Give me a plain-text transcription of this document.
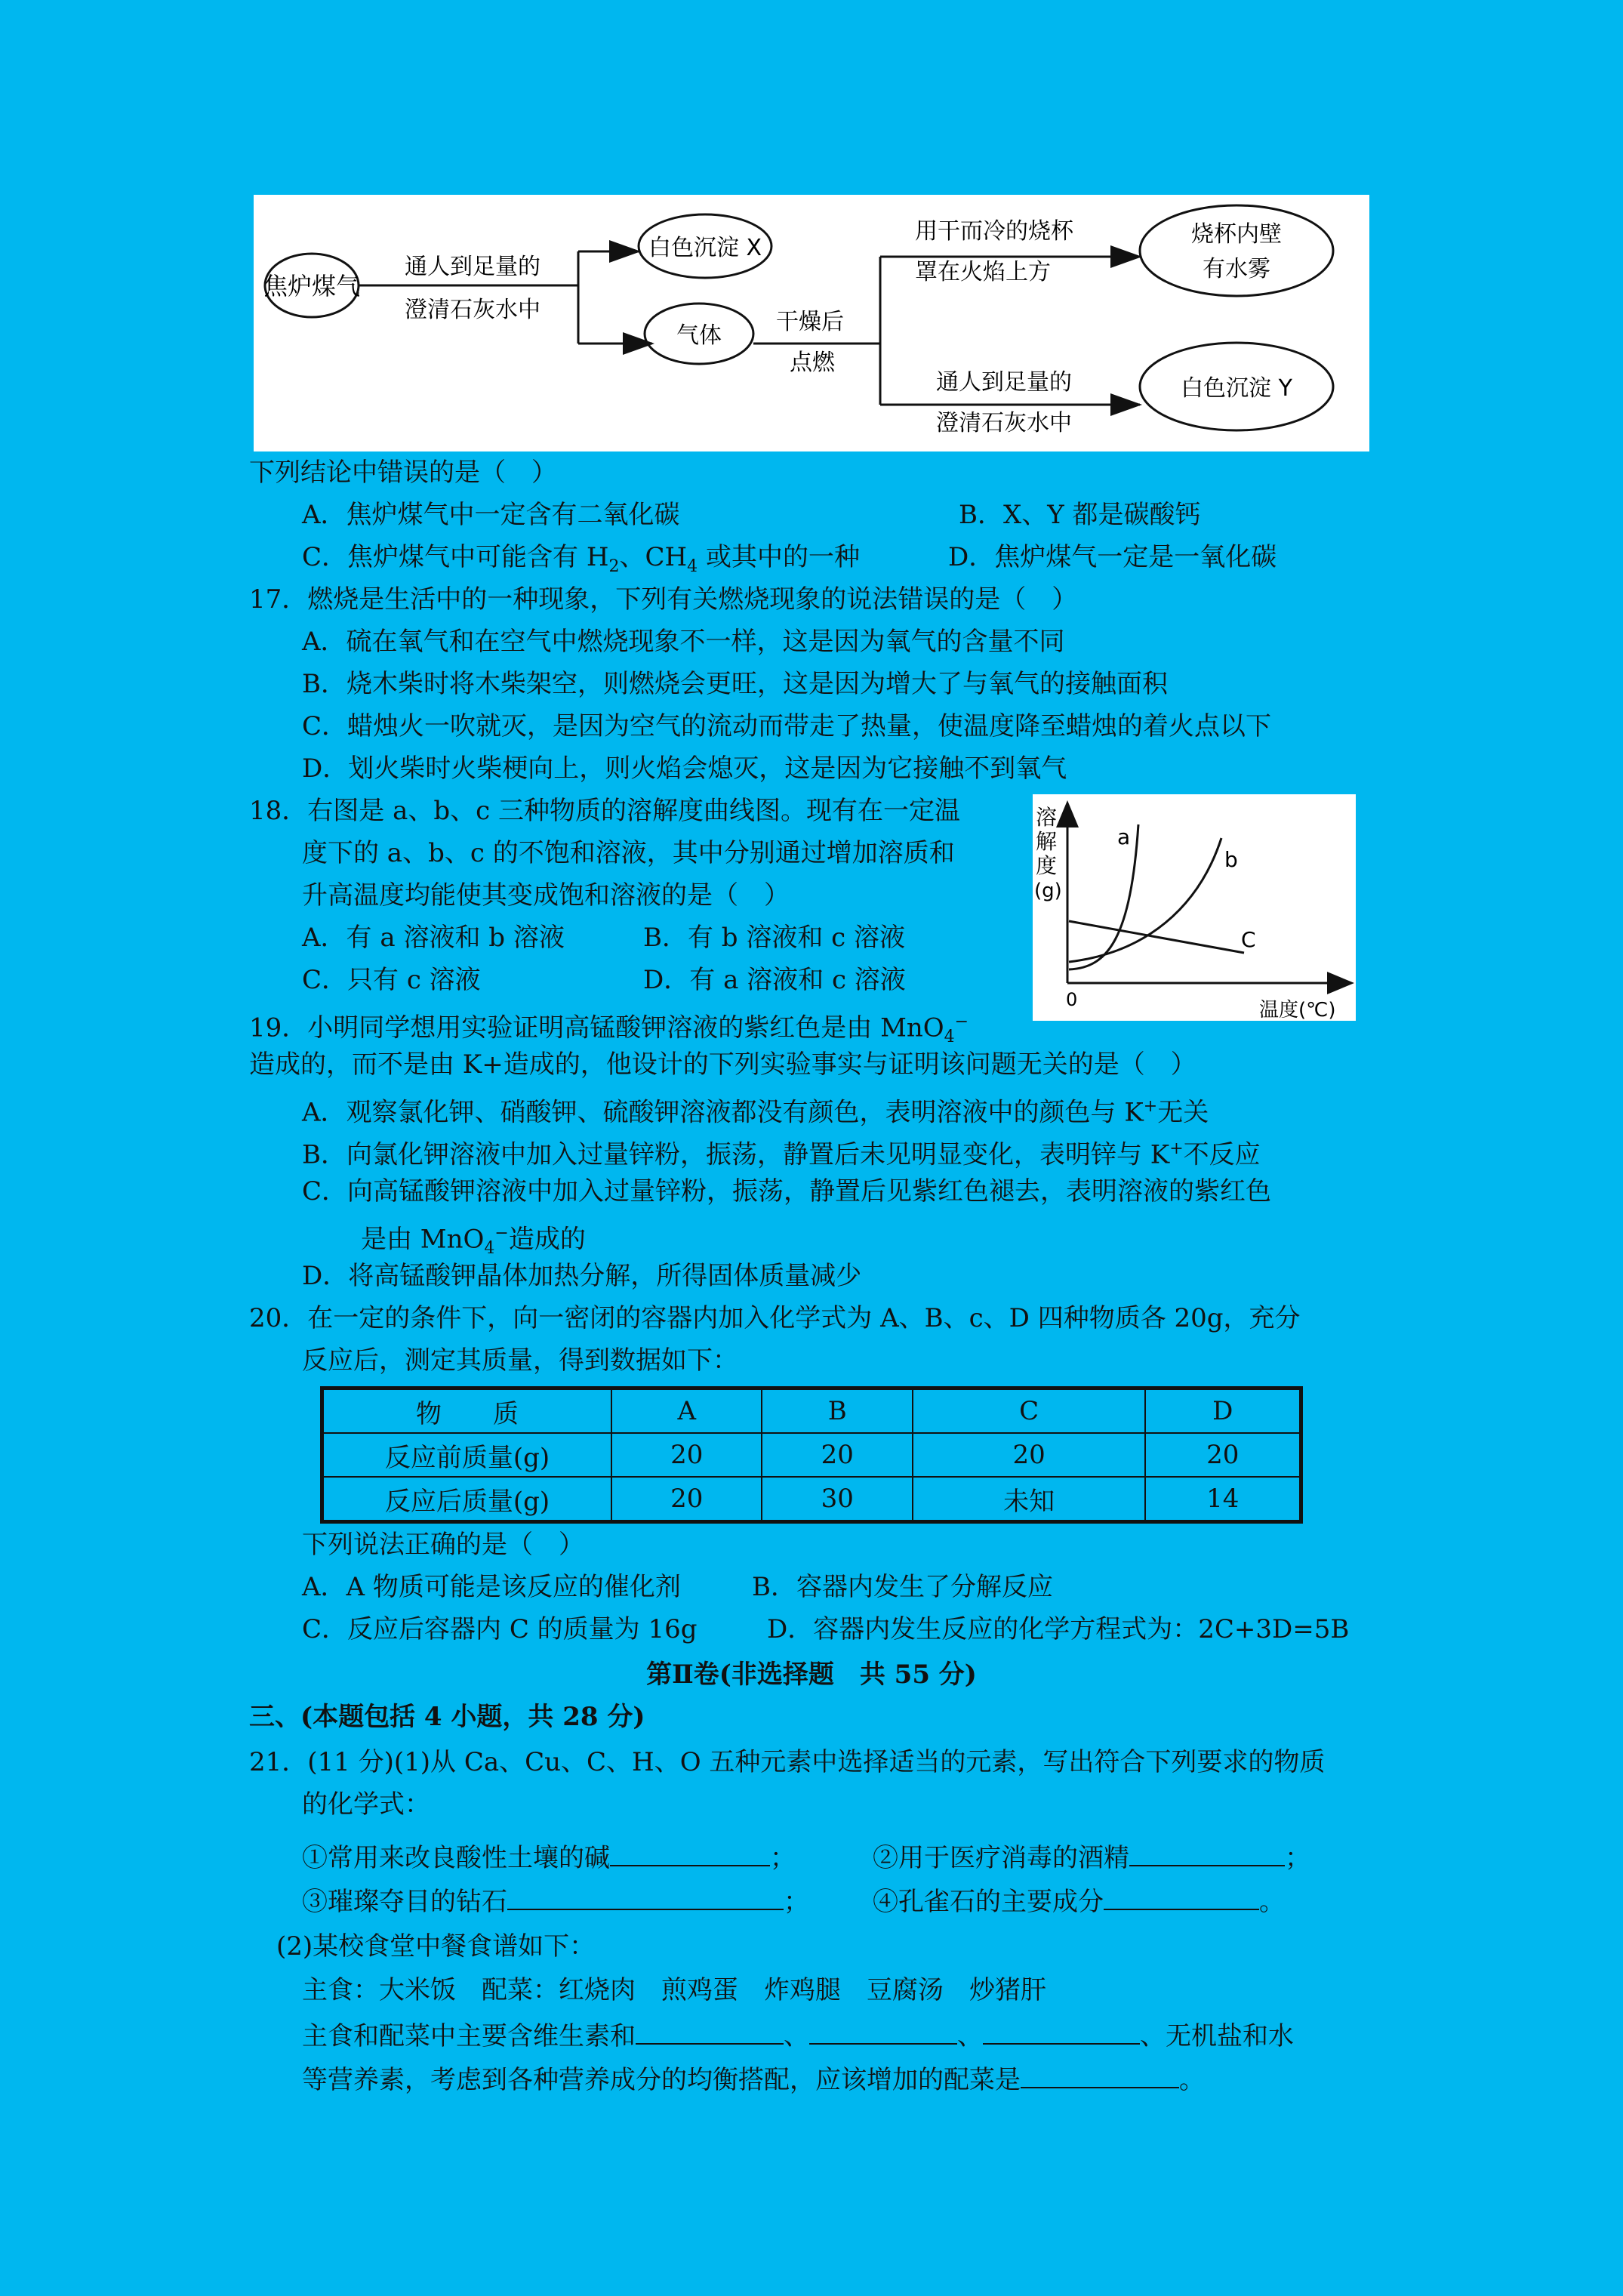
焦炉煤气
通人到足量的
澄清石灰水中
白色沉淀 X
气体
干燥后
点燃
用干而冷的烧杯
罩在火焰上方
通人到足量的
澄清石灰水中
烧杯内壁
有水雾
白色沉淀 Y
下列结论中错误的是（　）
A．焦炉煤气中一定含有二氧化碳	B．X、Y 都是碳酸钙
C．焦炉煤气中可能含有 $H_2$、$CH_4$ 或其中的一种	D．焦炉煤气一定是一氧化碳
17．燃烧是生活中的一种现象，下列有关燃烧现象的说法错误的是（　）
A．硫在氧气和在空气中燃烧现象不一样，这是因为氧气的含量不同
B．烧木柴时将木柴架空，则燃烧会更旺，这是因为增大了与氧气的接触面积
C．蜡烛火一吹就灭，是因为空气的流动而带走了热量，使温度降至蜡烛的着火点以下
D．划火柴时火柴梗向上，则火焰会熄灭，这是因为它接触不到氧气
18．右图是 a、b、c 三种物质的溶解度曲线图。现有在一定温
度下的 a、b、c 的不饱和溶液，其中分别通过增加溶质和
升高温度均能使其变成饱和溶液的是（　）
A．有 a 溶液和 b 溶液	B．有 b 溶液和 c 溶液
C．只有 c 溶液	D．有 a 溶液和 c 溶液
溶
解
度
(g)
0	温度(℃)
a
b
C
19．小明同学想用实验证明高锰酸钾溶液的紫红色是由 MnO$_4$−
造成的，而不是由 K+造成的，他设计的下列实验事实与证明该问题无关的是（　）
A．观察氯化钾、硝酸钾、硫酸钾溶液都没有颜色，表明溶液中的颜色与 K+无关
B．向氯化钾溶液中加入过量锌粉，振荡，静置后未见明显变化，表明锌与 K+不反应
C．向高锰酸钾溶液中加入过量锌粉，振荡，静置后见紫红色褪去，表明溶液的紫红色
是由 MnO$_4$−造成的
D．将高锰酸钾晶体加热分解，所得固体质量减少
20．在一定的条件下，向一密闭的容器内加入化学式为 A、B、c、D 四种物质各 20g，充分
反应后，测定其质量，得到数据如下：
物　　质	A	B	C	D
反应前质量(g)	20	20	20	20
反应后质量(g)	20	30	未知	14
下列说法正确的是（　）
A．A 物质可能是该反应的催化剂	B．容器内发生了分解反应
C．反应后容器内 C 的质量为 16g	D．容器内发生反应的化学方程式为：2C+3D=5B
第Ⅱ卷(非选择题　共 55 分)
三、(本题包括 4 小题，共 28 分)
21．(11 分)(1)从 Ca、Cu、C、H、O 五种元素中选择适当的元素，写出符合下列要求的物质
的化学式：
①常用来改良酸性土壤的碱	；	②用于医疗消毒的酒精	；
③璀璨夺目的钻石	； ④孔雀石的主要成分	。
(2)某校食堂中餐食谱如下：
主食：大米饭　配菜：红烧肉　煎鸡蛋　炸鸡腿　豆腐汤　炒猪肝
主食和配菜中主要含维生素和	、	、	、无机盐和水
等营养素，考虑到各种营养成分的均衡搭配，应该增加的配菜是	。
